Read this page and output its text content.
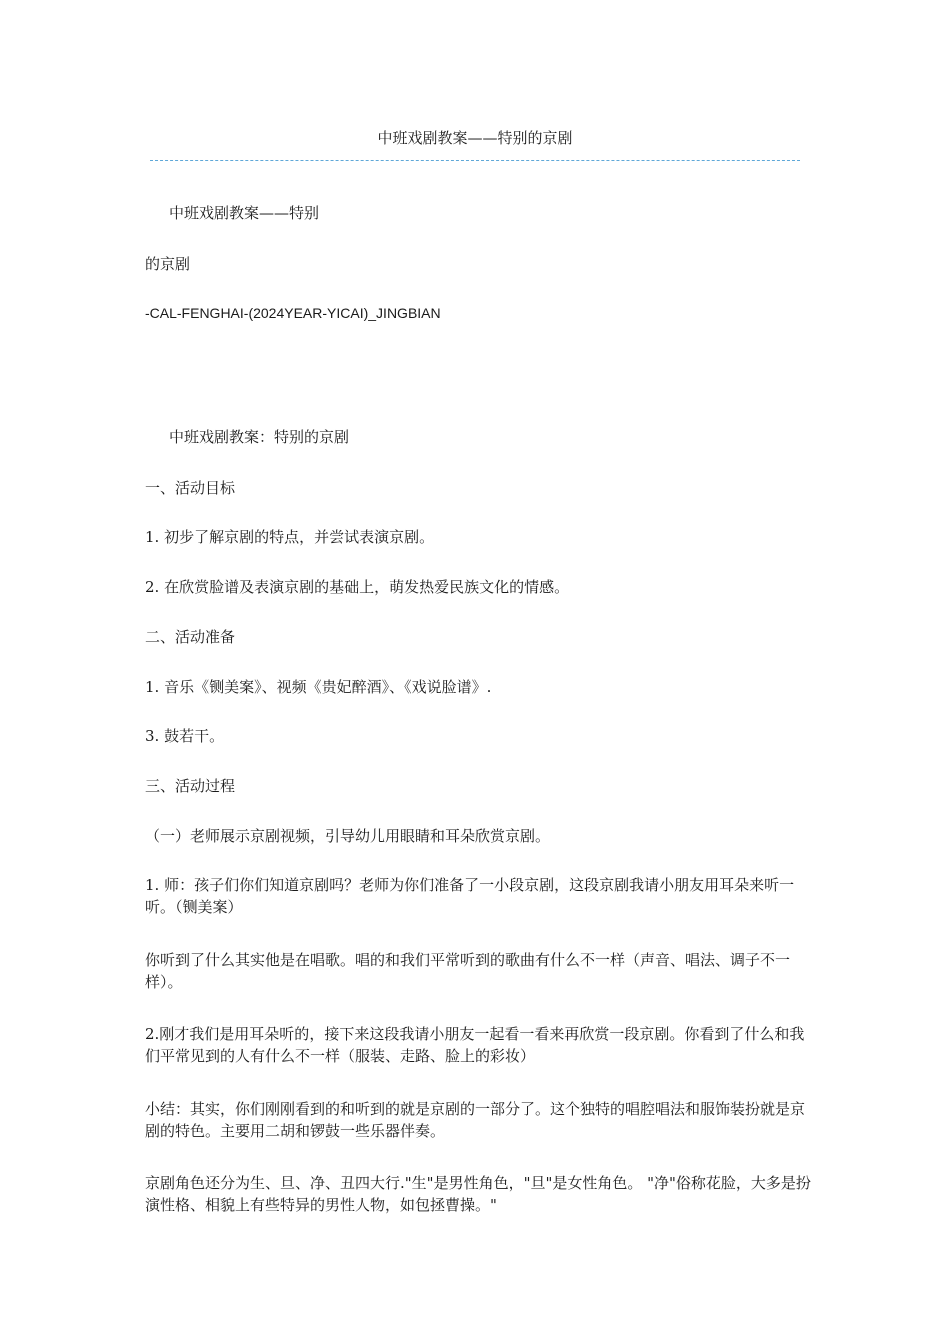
中班戏剧教案——特别的京剧

中班戏剧教案——特别

的京剧

-CAL-FENGHAI-(2024YEAR-YICAI)_JINGBIAN

中班戏剧教案：特别的京剧

一、活动目标

1. 初步了解京剧的特点，并尝试表演京剧。

2. 在欣赏脸谱及表演京剧的基础上，萌发热爱民族文化的情感。

二、活动准备

1. 音乐《铡美案》、视频《贵妃醉酒》、《戏说脸谱》.

3. 鼓若干。

三、活动过程

（一）老师展示京剧视频，引导幼儿用眼睛和耳朵欣赏京剧。

1. 师：孩子们你们知道京剧吗？老师为你们准备了一小段京剧，这段京剧我请小朋友用耳朵来听一听。（铡美案）

你听到了什么其实他是在唱歌。唱的和我们平常听到的歌曲有什么不一样（声音、唱法、调子不一样）。

2.刚才我们是用耳朵听的，接下来这段我请小朋友一起看一看来再欣赏一段京剧。你看到了什么和我们平常见到的人有什么不一样（服装、走路、脸上的彩妆）

小结：其实，你们刚刚看到的和听到的就是京剧的一部分了。这个独特的唱腔唱法和服饰装扮就是京剧的特色。主要用二胡和锣鼓一些乐器伴奏。

京剧角色还分为生、旦、净、丑四大行."生"是男性角色，"旦"是女性角色。 "净"俗称花脸，大多是扮演性格、相貌上有些特异的男性人物，如包拯曹操。"
